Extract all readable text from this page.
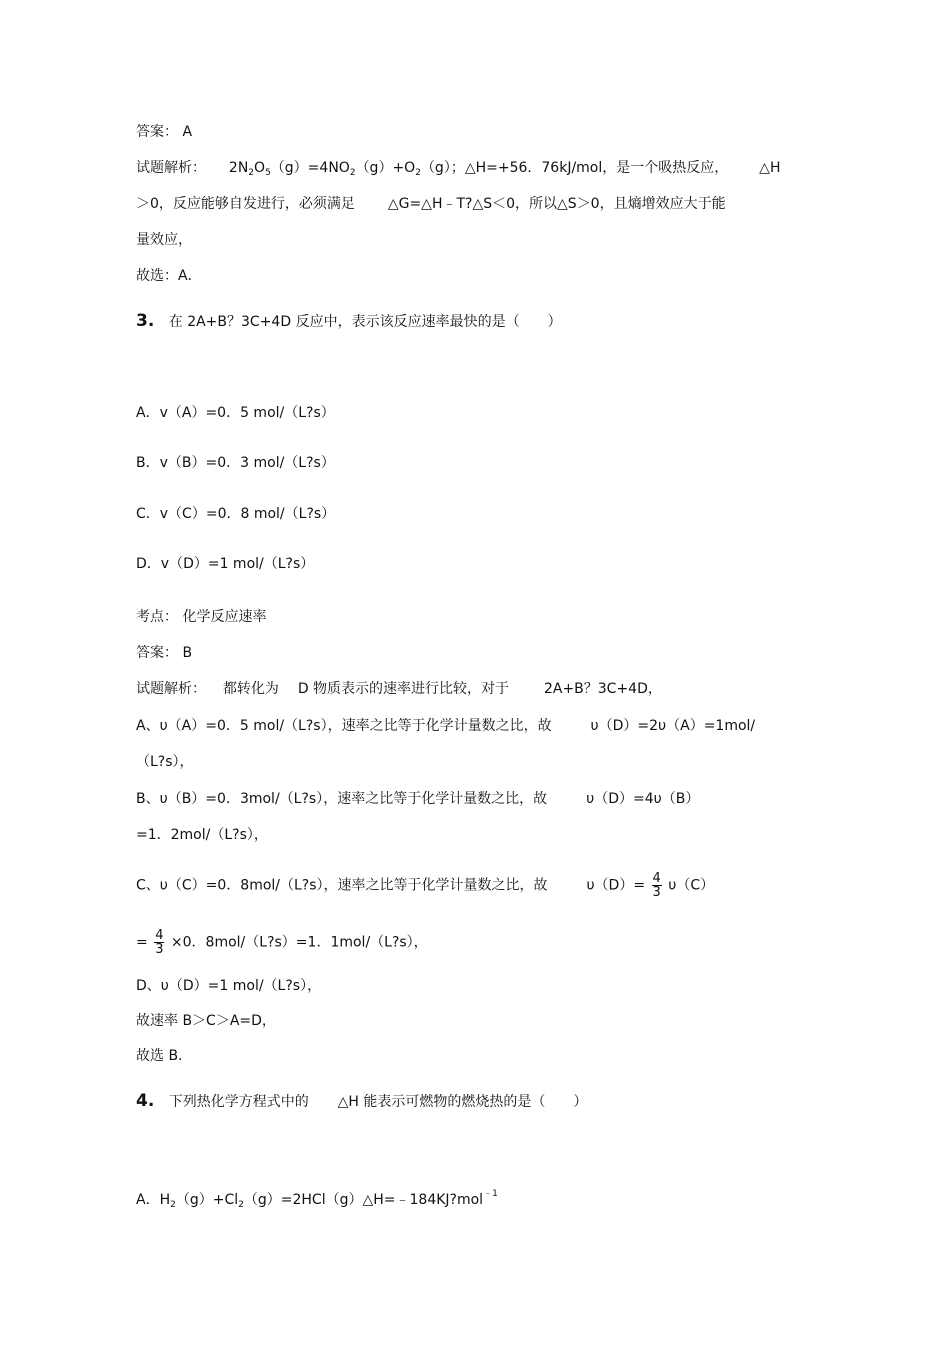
答案： A
试题解析： $2N_2O_5(g)=4NO_2(g)+O_2(g)$；△H=+56．76kJ/mol，是一个吸热反应， △H
＞0，反应能够自发进行，必须满足 △G=△H﹣T?△S＜0，所以△S＞0，且熵增效应大于能
量效应，
故选：A．
3. 在 2A+B？3C+4D 反应中，表示该反应速率最快的是（　　）
A．v（A）=0．5 mol/（L?s）
B．v（B）=0．3 mol/（L?s）
C．v（C）=0．8 mol/（L?s）
D．v（D）=1 mol/（L?s）
考点： 化学反应速率
答案： B
试题解析： 都转化为 D 物质表示的速率进行比较，对于 2A+B？3C+4D，
A、υ（A）=0．5 mol/（L?s），速率之比等于化学计量数之比，故	υ（D）=2υ（A）=1mol/
（L?s），
B、υ（B）=0．3mol/（L?s），速率之比等于化学计量数之比，故	υ（D）=4υ（B）
=1．2mol/（L?s），
C、υ（C）=0．8mol/（L?s），速率之比等于化学计量数之比，故	$\upsilon(D)= \frac{4}{3} \upsilon(C)$
= $\frac{4}{3} \times 0$．8mol/（L?s）=1．1mol/（L?s），
D、υ（D）=1 mol/（L?s），
故速率 B＞C＞A=D，
故选 B．
4. 下列热化学方程式中的 △H 能表示可燃物的燃烧热的是（　　）
A．$H_2(g)+Cl_2(g)=2HCl(g)\triangle H=﹣184KJ?mol^{﹣1}$
